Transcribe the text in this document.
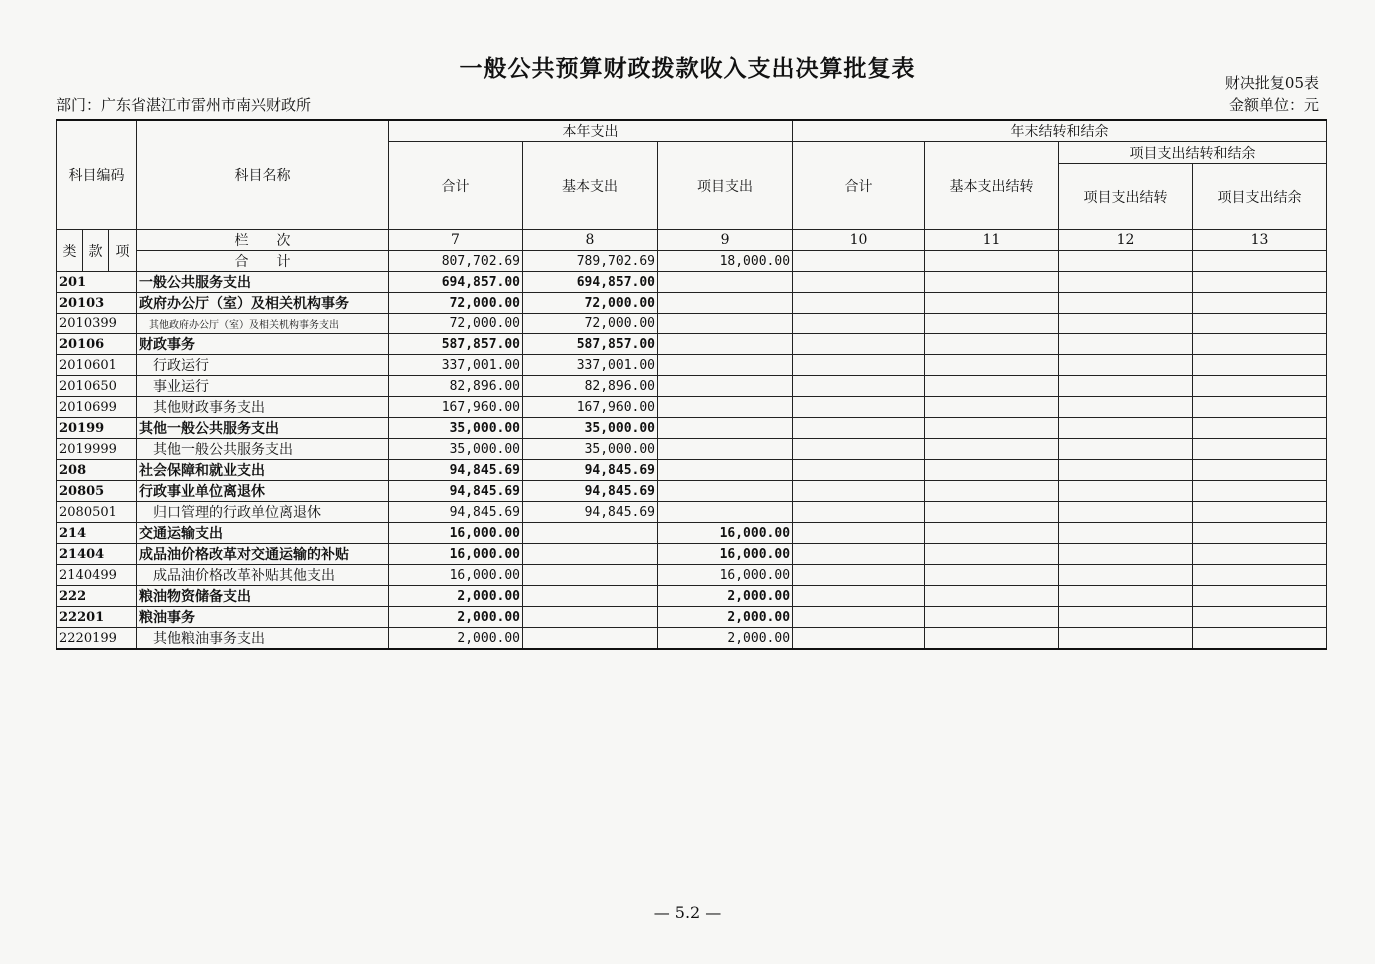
一般公共预算财政拨款收入支出决算批复表
财决批复05表
部门：广东省湛江市雷州市南兴财政所	金额单位：元
科目编码			科目名称	本年支出			年末结转和结余			
				合计	基本支出	项目支出	合计	基本支出结转	项目支出结转和结余	
									项目支出结转	项目支出结余
类	款	项	栏　　次	7	8	9	10	11	12	13
			合　　计	807,702.69	789,702.69	18,000.00				
201			一般公共服务支出	694,857.00	694,857.00					
20103			政府办公厅（室）及相关机构事务	72,000.00	72,000.00					
2010399			其他政府办公厅（室）及相关机构事务支出	72,000.00	72,000.00					
20106			财政事务	587,857.00	587,857.00					
2010601			行政运行	337,001.00	337,001.00					
2010650			事业运行	82,896.00	82,896.00					
2010699			其他财政事务支出	167,960.00	167,960.00					
20199			其他一般公共服务支出	35,000.00	35,000.00					
2019999			其他一般公共服务支出	35,000.00	35,000.00					
208			社会保障和就业支出	94,845.69	94,845.69					
20805			行政事业单位离退休	94,845.69	94,845.69					
2080501			归口管理的行政单位离退休	94,845.69	94,845.69					
214			交通运输支出	16,000.00		16,000.00				
21404			成品油价格改革对交通运输的补贴	16,000.00		16,000.00				
2140499			成品油价格改革补贴其他支出	16,000.00		16,000.00				
222			粮油物资储备支出	2,000.00		2,000.00				
22201			粮油事务	2,000.00		2,000.00				
2220199			其他粮油事务支出	2,000.00		2,000.00				
— 5.2 —
